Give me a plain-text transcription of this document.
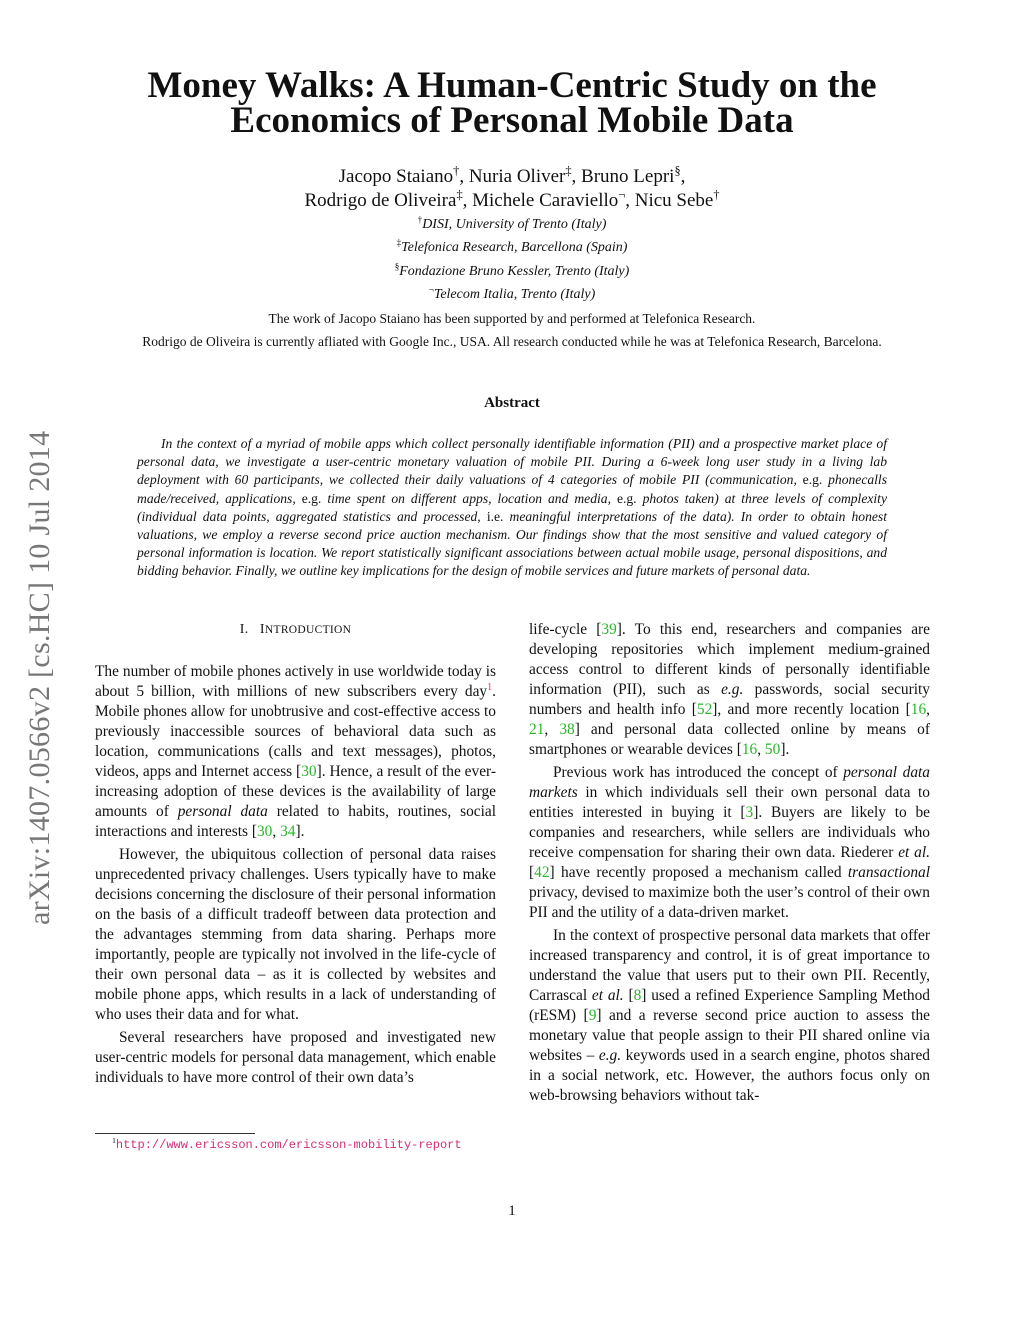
arXiv:1407.0566v2 [cs.HC] 10 Jul 2014
Money Walks: A Human-Centric Study on the
Economics of Personal Mobile Data
Jacopo Staiano†, Nuria Oliver‡, Bruno Lepri§,
Rodrigo de Oliveira‡, Michele Caraviello¬, Nicu Sebe†
†DISI, University of Trento (Italy)
‡Telefonica Research, Barcellona (Spain)
§Fondazione Bruno Kessler, Trento (Italy)
¬Telecom Italia, Trento (Italy)
The work of Jacopo Staiano has been supported by and performed at Telefonica Research.
Rodrigo de Oliveira is currently afliated with Google Inc., USA. All research conducted while he was at Telefonica Research, Barcelona.
Abstract
In the context of a myriad of mobile apps which collect personally identifiable information (PII) and a prospective market place of personal data, we investigate a user-centric monetary valuation of mobile PII. During a 6-week long user study in a living lab deployment with 60 participants, we collected their daily valuations of 4 categories of mobile PII (communication, e.g. phonecalls made/received, applications, e.g. time spent on different apps, location and media, e.g. photos taken) at three levels of complexity (individual data points, aggregated statistics and processed, i.e. meaningful interpretations of the data). In order to obtain honest valuations, we employ a reverse second price auction mechanism. Our findings show that the most sensitive and valued category of personal information is location. We report statistically significant associations between actual mobile usage, personal dispositions, and bidding behavior. Finally, we outline key implications for the design of mobile services and future markets of personal data.
I. INTRODUCTION

The number of mobile phones actively in use worldwide today is about 5 billion, with millions of new subscribers every day$^1$. Mobile phones allow for unobtrusive and cost-effective access to previously inaccessible sources of behavioral data such as location, communications (calls and text messages), photos, videos, apps and Internet access [30]. Hence, a result of the ever-increasing adoption of these devices is the availability of large amounts of personal data related to habits, routines, social interactions and interests [30, 34].

However, the ubiquitous collection of personal data raises unprecedented privacy challenges. Users typically have to make decisions concerning the disclosure of their personal information on the basis of a difficult tradeoff between data protection and the advantages stemming from data sharing. Perhaps more importantly, people are typically not involved in the life-cycle of their own personal data – as it is collected by websites and mobile phone apps, which results in a lack of understanding of who uses their data and for what.

Several researchers have proposed and investigated new user-centric models for personal data management, which enable individuals to have more control of their own data’s

life-cycle [39]. To this end, researchers and companies are developing repositories which implement medium-grained access control to different kinds of personally identifiable information (PII), such as e.g. passwords, social security numbers and health info [52], and more recently location [16, 21, 38] and personal data collected online by means of smartphones or wearable devices [16, 50].

Previous work has introduced the concept of personal data markets in which individuals sell their own personal data to entities interested in buying it [3]. Buyers are likely to be companies and researchers, while sellers are individuals who receive compensation for sharing their own data. Riederer et al. [42] have recently proposed a mechanism called transactional privacy, devised to maximize both the user’s control of their own PII and the utility of a data-driven market.

In the context of prospective personal data markets that offer increased transparency and control, it is of great importance to understand the value that users put to their own PII. Recently, Carrascal et al. [8] used a refined Experience Sampling Method (rESM) [9] and a reverse second price auction to assess the monetary value that people assign to their PII shared online via websites – e.g. keywords used in a search engine, photos shared in a social network, etc. However, the authors focus only on web-browsing behaviors without tak-

$^1$http://www.ericsson.com/ericsson-mobility-report
1
